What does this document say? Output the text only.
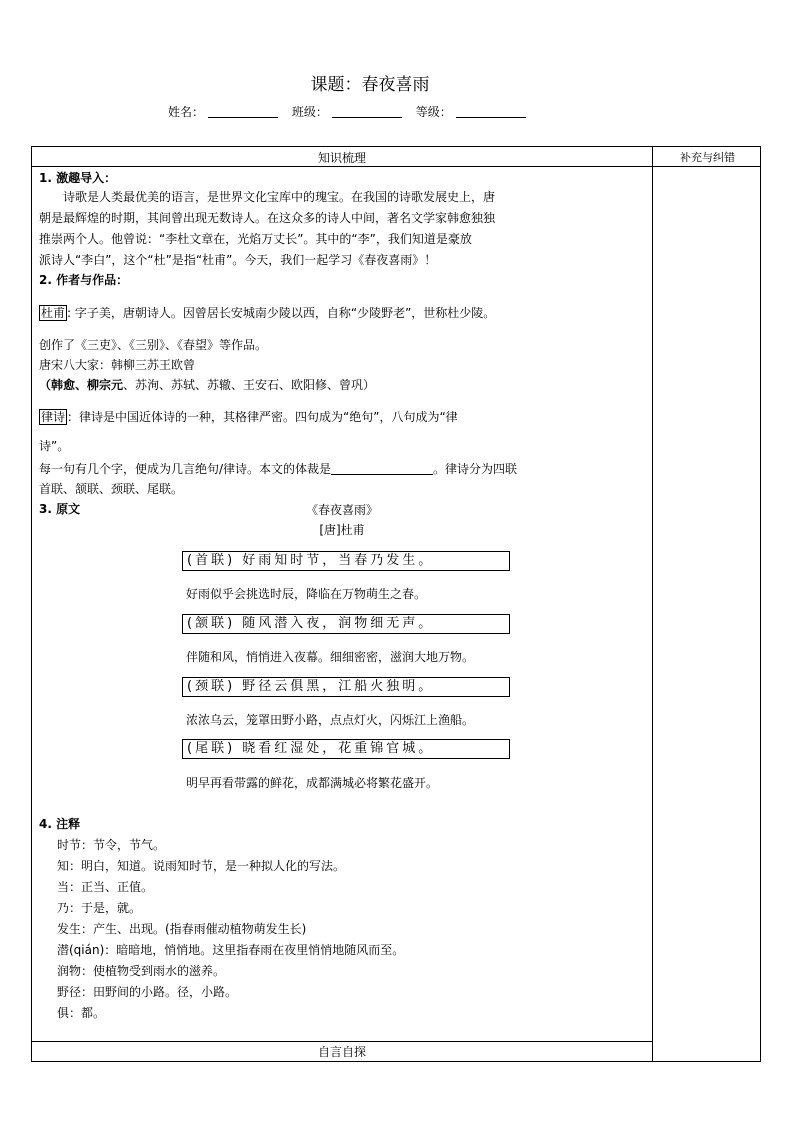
课题：春夜喜雨
姓名：	班级：	等级：
知识梳理	补充与纠错
1. 激趣导入：
诗歌是人类最优美的语言，是世界文化宝库中的瑰宝。在我国的诗歌发展史上，唐
朝是最辉煌的时期，其间曾出现无数诗人。在这众多的诗人中间，著名文学家韩愈独独
推崇两个人。他曾说：“李杜文章在，光焰万丈长”。其中的“李”，我们知道是豪放
派诗人“李白”，这个“杜”是指“杜甫”。今天，我们一起学习《春夜喜雨》！
2. 作者与作品：
杜甫 : 字子美，唐朝诗人。因曾居长安城南少陵以西，自称“少陵野老”，世称杜少陵。
创作了《三吏》、《三别》、《春望》等作品。
唐宋八大家：韩柳三苏王欧曾
（韩愈、柳宗元、苏洵、苏轼、苏辙、王安石、欧阳修、曾巩）
律诗 ：律诗是中国近体诗的一种，其格律严密。四句成为“绝句”，八句成为“律
诗”。
每一句有几个字，便成为几言绝句/律诗。本文的体裁是	。律诗分为四联
首联、颔联、颈联、尾联。
3. 原文	《春夜喜雨》
[唐]杜甫
(首联) 好雨知时节，当春乃发生。
好雨似乎会挑选时辰，降临在万物萌生之春。
(颔联) 随风潜入夜，润物细无声。
伴随和风，悄悄进入夜幕。细细密密，滋润大地万物。
(颈联) 野径云俱黑，江船火独明。
浓浓乌云，笼罩田野小路，点点灯火，闪烁江上渔船。
(尾联) 晓看红湿处，花重锦官城。
明早再看带露的鲜花，成都满城必将繁花盛开。
4. 注释
时节：节令，节气。
知：明白，知道。说雨知时节，是一种拟人化的写法。
当：正当、正值。
乃：于是，就。
发生：产生、出现。(指春雨催动植物萌发生长)
潜(qián)：暗暗地，悄悄地。这里指春雨在夜里悄悄地随风而至。
润物：使植物受到雨水的滋养。
野径：田野间的小路。径，小路。
俱：都。
自言自探
